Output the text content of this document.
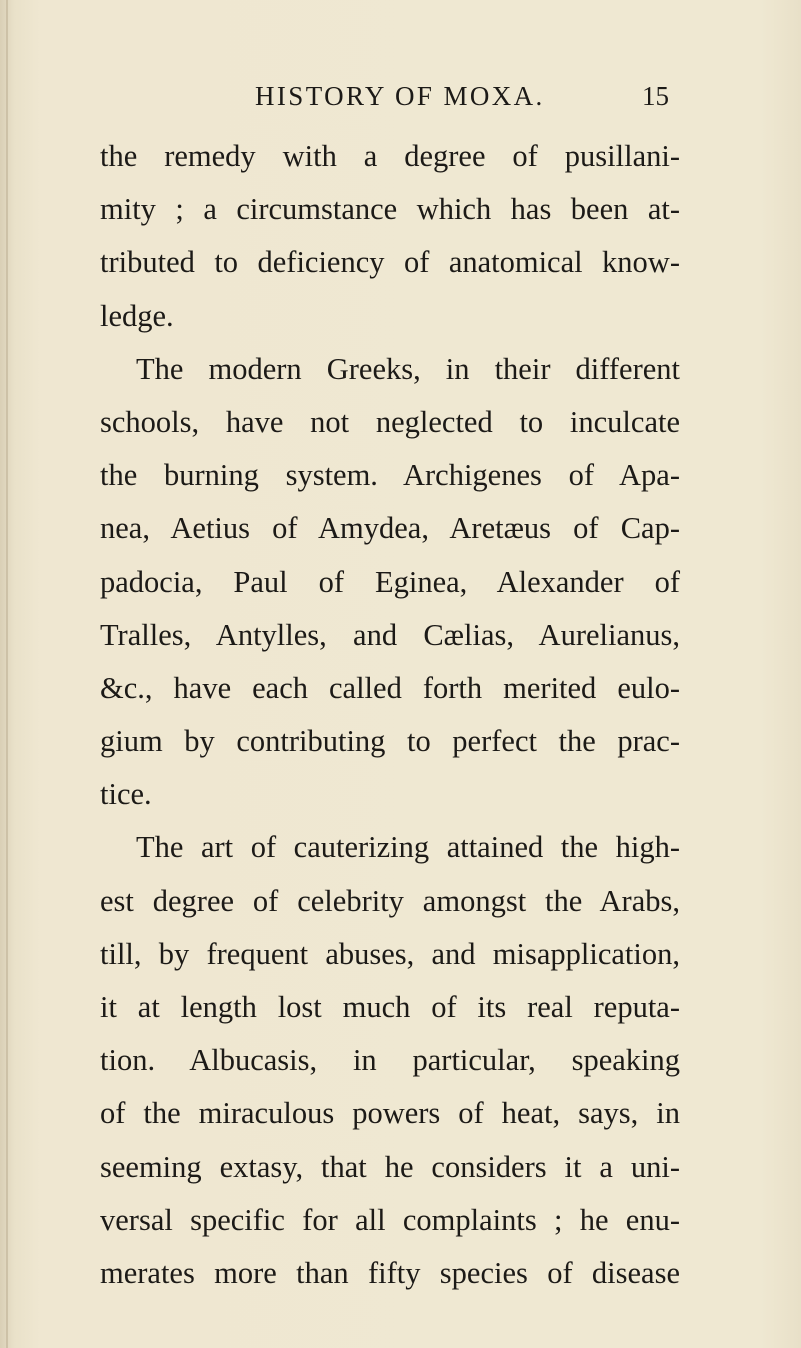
HISTORY OF MOXA.	15
the remedy with a degree of pusillani-
mity ; a circumstance which has been at-
tributed to deficiency of anatomical know-
ledge.
The modern Greeks, in their different
schools, have not neglected to inculcate
the burning system. Archigenes of Apa-
nea, Aetius of Amydea, Aretæus of Cap-
padocia, Paul of Eginea, Alexander of
Tralles, Antylles, and Cælias, Aurelianus,
&c., have each called forth merited eulo-
gium by contributing to perfect the prac-
tice.
The art of cauterizing attained the high-
est degree of celebrity amongst the Arabs,
till, by frequent abuses, and misapplication,
it at length lost much of its real reputa-
tion. Albucasis, in particular, speaking
of the miraculous powers of heat, says, in
seeming extasy, that he considers it a uni-
versal specific for all complaints ; he enu-
merates more than fifty species of disease
